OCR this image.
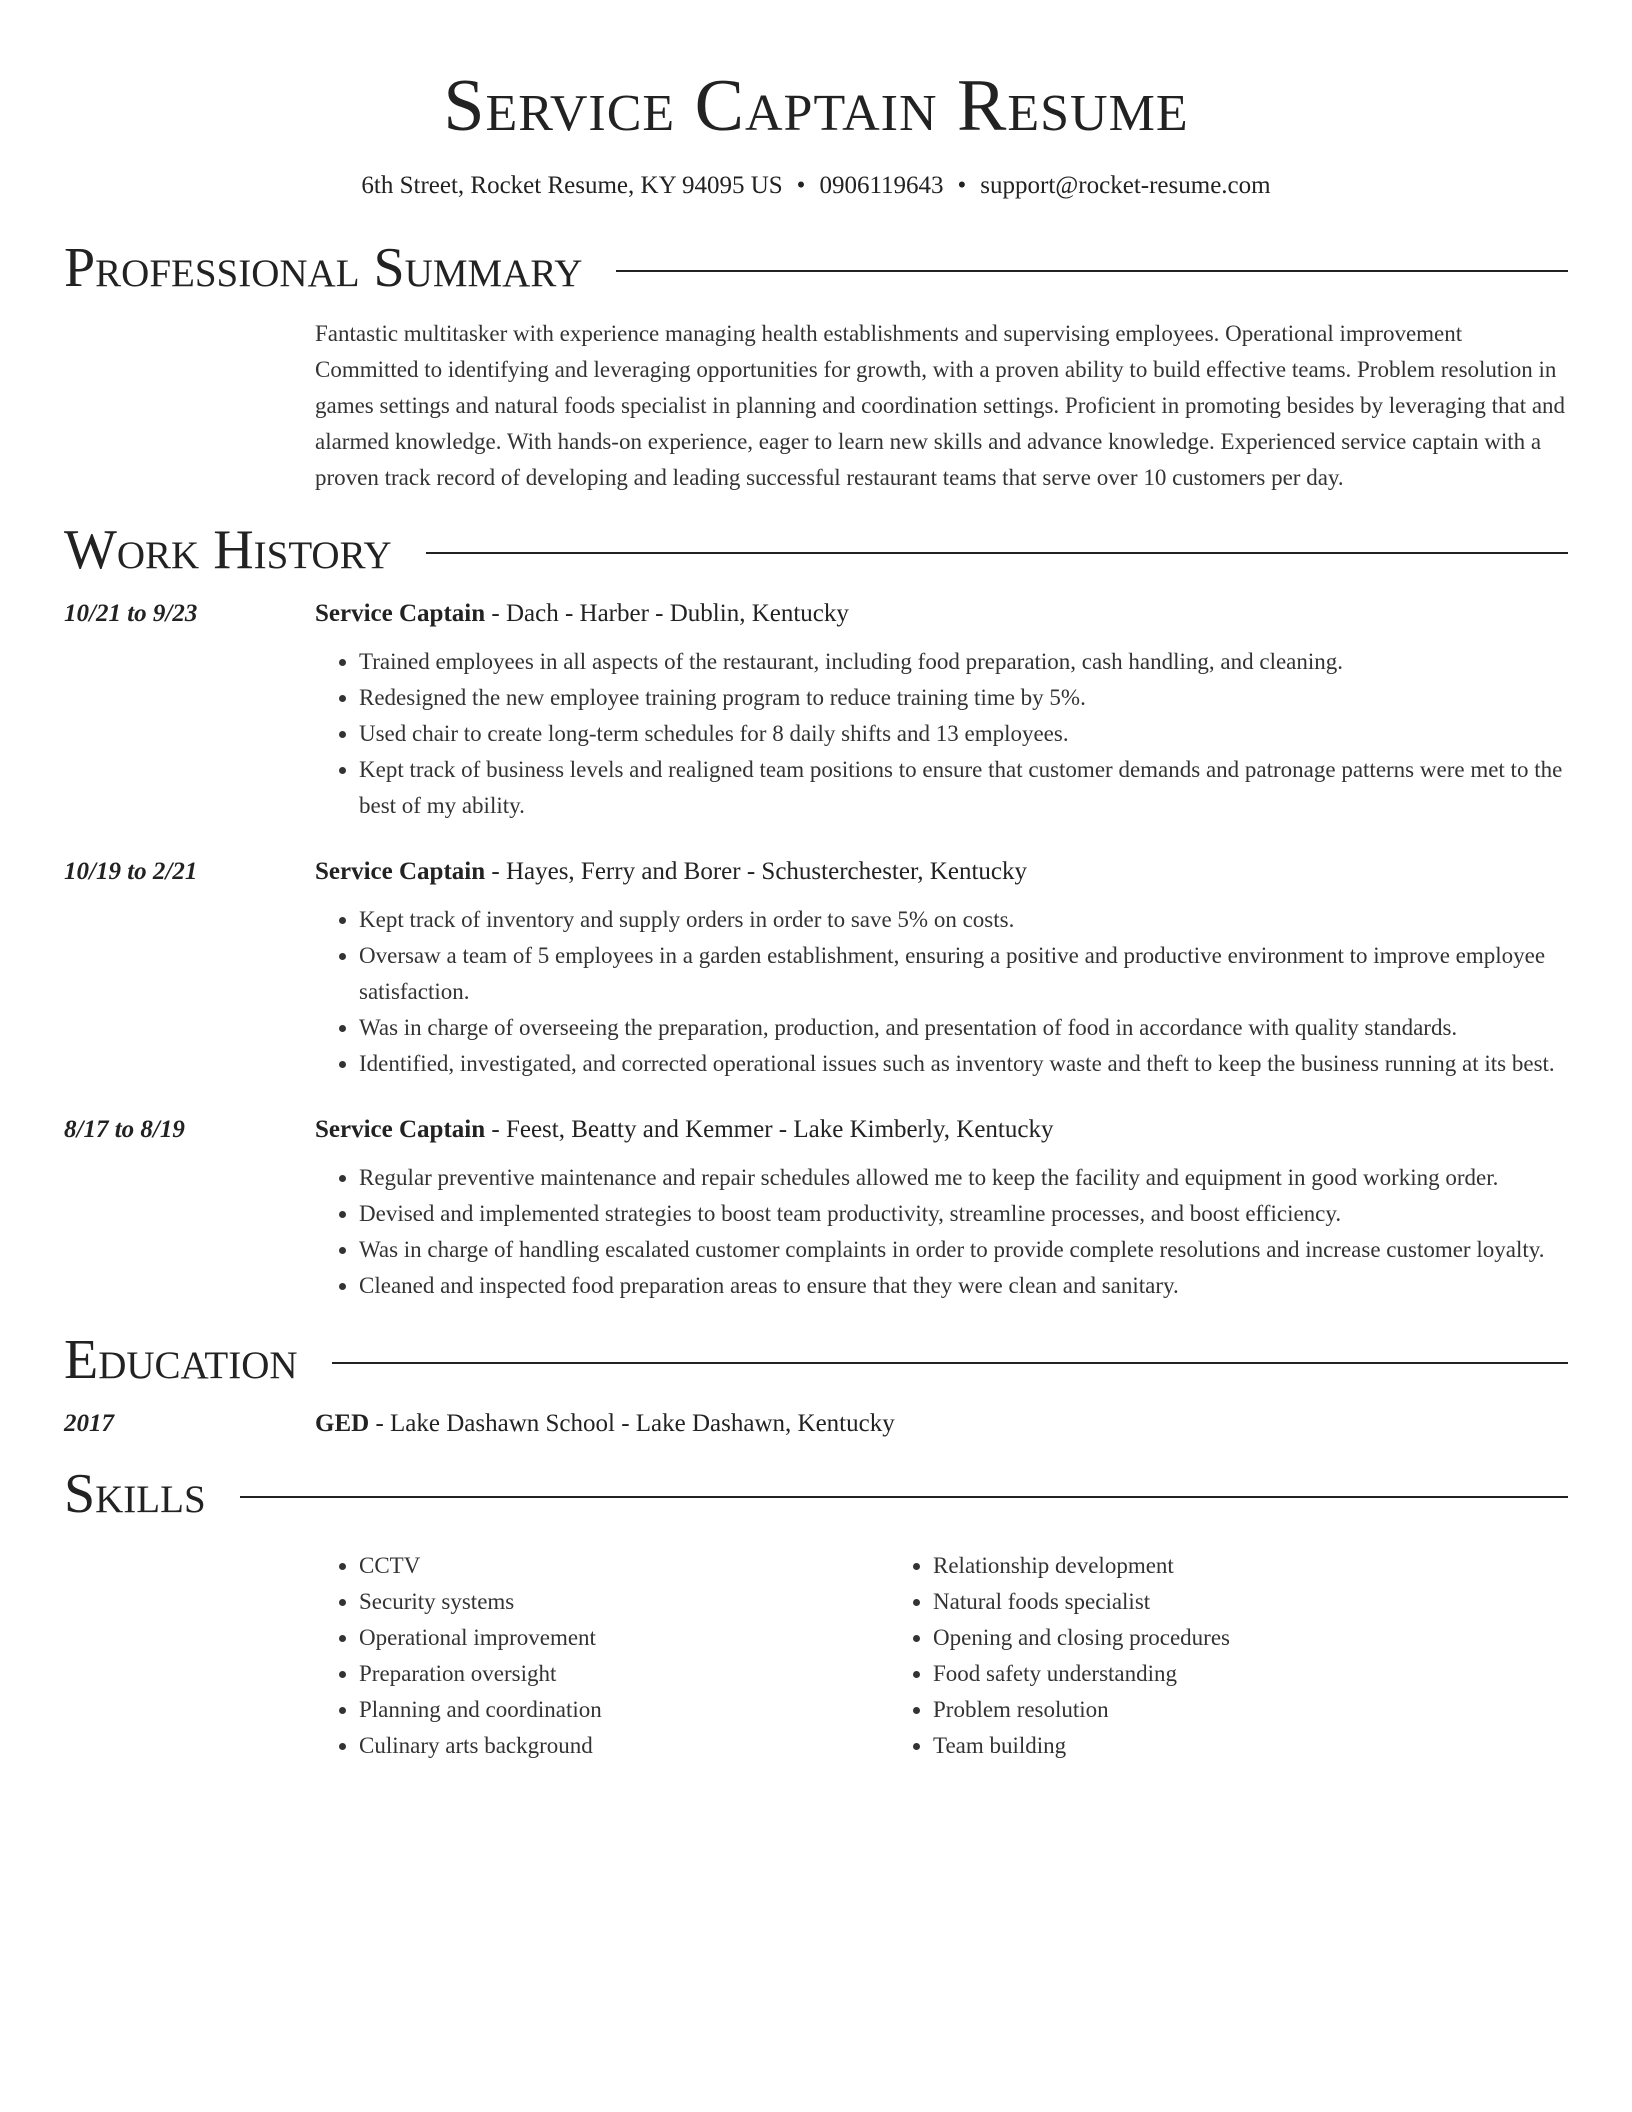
Service Captain Resume
6th Street, Rocket Resume, KY 94095 US • 0906119643 • support@rocket-resume.com
Professional Summary
Fantastic multitasker with experience managing health establishments and supervising employees. Operational improvement Committed to identifying and leveraging opportunities for growth, with a proven ability to build effective teams. Problem resolution in games settings and natural foods specialist in planning and coordination settings. Proficient in promoting besides by leveraging that and alarmed knowledge. With hands-on experience, eager to learn new skills and advance knowledge. Experienced service captain with a proven track record of developing and leading successful restaurant teams that serve over 10 customers per day.
Work History
10/21 to 9/23	Service Captain - Dach - Harber - Dublin, Kentucky
• Trained employees in all aspects of the restaurant, including food preparation, cash handling, and cleaning.
• Redesigned the new employee training program to reduce training time by 5%.
• Used chair to create long-term schedules for 8 daily shifts and 13 employees.
• Kept track of business levels and realigned team positions to ensure that customer demands and patronage patterns were met to the best of my ability.
10/19 to 2/21	Service Captain - Hayes, Ferry and Borer - Schusterchester, Kentucky
• Kept track of inventory and supply orders in order to save 5% on costs.
• Oversaw a team of 5 employees in a garden establishment, ensuring a positive and productive environment to improve employee satisfaction.
• Was in charge of overseeing the preparation, production, and presentation of food in accordance with quality standards.
• Identified, investigated, and corrected operational issues such as inventory waste and theft to keep the business running at its best.
8/17 to 8/19	Service Captain - Feest, Beatty and Kemmer - Lake Kimberly, Kentucky
• Regular preventive maintenance and repair schedules allowed me to keep the facility and equipment in good working order.
• Devised and implemented strategies to boost team productivity, streamline processes, and boost efficiency.
• Was in charge of handling escalated customer complaints in order to provide complete resolutions and increase customer loyalty.
• Cleaned and inspected food preparation areas to ensure that they were clean and sanitary.
Education
2017	GED - Lake Dashawn School - Lake Dashawn, Kentucky
Skills
• CCTV
• Security systems
• Operational improvement
• Preparation oversight
• Planning and coordination
• Culinary arts background
• Relationship development
• Natural foods specialist
• Opening and closing procedures
• Food safety understanding
• Problem resolution
• Team building
